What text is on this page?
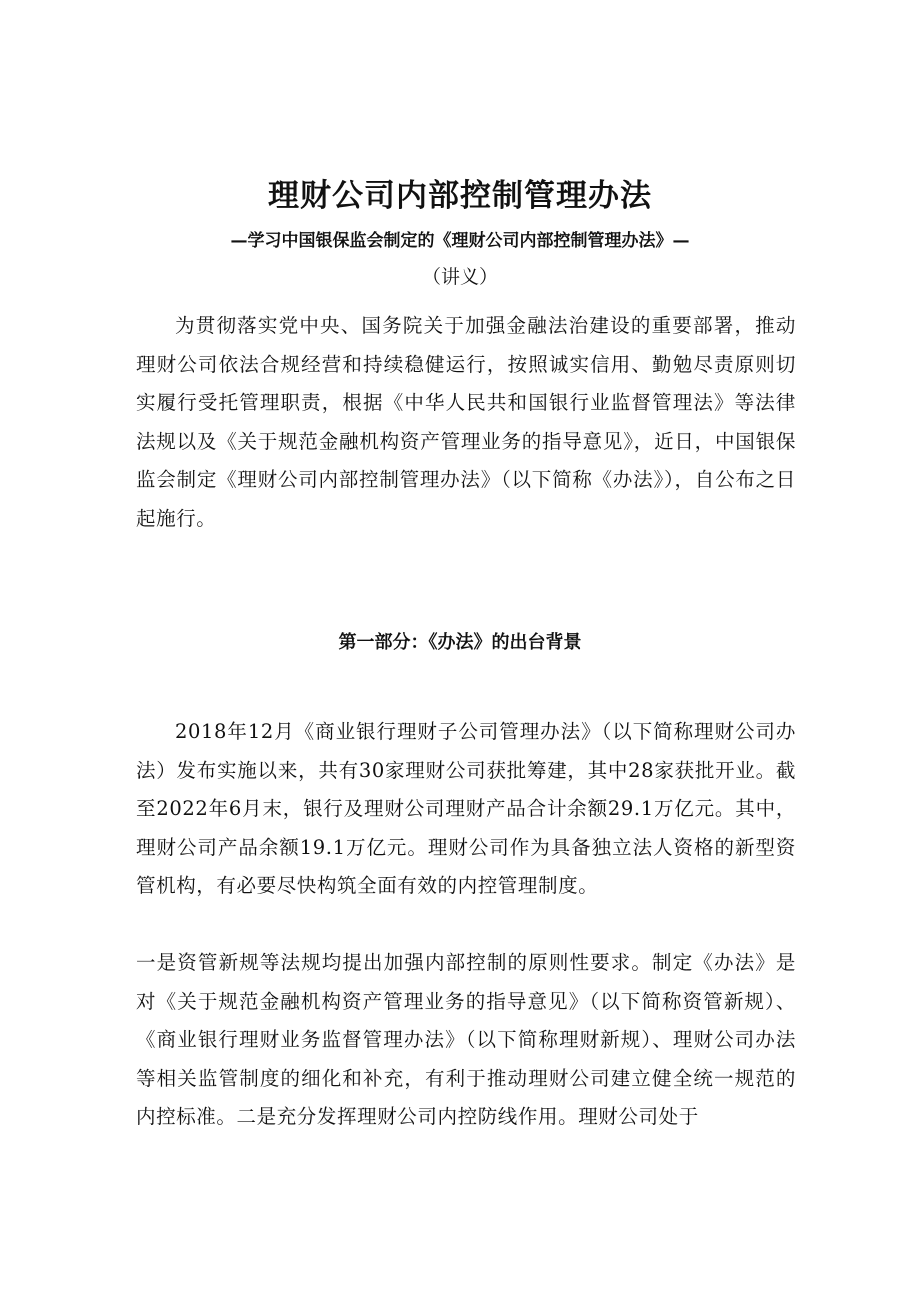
理财公司内部控制管理办法
—学习中国银保监会制定的《理财公司内部控制管理办法》—
（讲义）

为贯彻落实党中央、国务院关于加强金融法治建设的重要部署，推动理财公司依法合规经营和持续稳健运行，按照诚实信用、勤勉尽责原则切实履行受托管理职责，根据《中华人民共和国银行业监督管理法》等法律法规以及《关于规范金融机构资产管理业务的指导意见》，近日，中国银保监会制定《理财公司内部控制管理办法》（以下简称《办法》），自公布之日起施行。

第一部分：《办法》的出台背景

2018年12月《商业银行理财子公司管理办法》（以下简称理财公司办法）发布实施以来，共有30家理财公司获批筹建，其中28家获批开业。截至2022年6月末，银行及理财公司理财产品合计余额29.1万亿元。其中，理财公司产品余额19.1万亿元。理财公司作为具备独立法人资格的新型资管机构，有必要尽快构筑全面有效的内控管理制度。

一是资管新规等法规均提出加强内部控制的原则性要求。制定《办法》是对《关于规范金融机构资产管理业务的指导意见》（以下简称资管新规）、《商业银行理财业务监督管理办法》（以下简称理财新规）、理财公司办法等相关监管制度的细化和补充，有利于推动理财公司建立健全统一规范的内控标准。二是充分发挥理财公司内控防线作用。理财公司处于
